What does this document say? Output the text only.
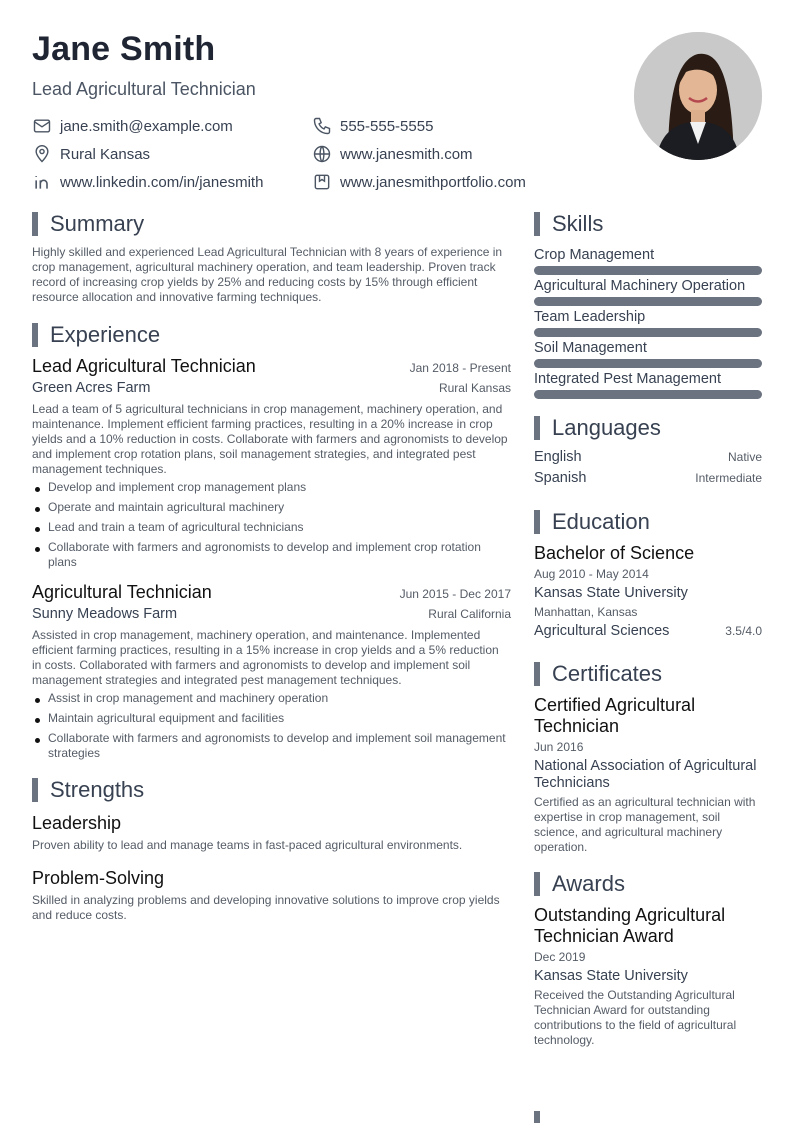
Jane Smith
Lead Agricultural Technician
jane.smith@example.com	555-555-5555
Rural Kansas	www.janesmith.com
www.linkedin.com/in/janesmith	www.janesmithportfolio.com
Summary
Highly skilled and experienced Lead Agricultural Technician with 8 years of experience in crop management, agricultural machinery operation, and team leadership. Proven track record of increasing crop yields by 25% and reducing costs by 15% through efficient resource allocation and innovative farming techniques.
Experience
Lead Agricultural Technician	Jan 2018 - Present
Green Acres Farm	Rural Kansas
Lead a team of 5 agricultural technicians in crop management, machinery operation, and maintenance. Implement efficient farming practices, resulting in a 20% increase in crop yields and a 10% reduction in costs. Collaborate with farmers and agronomists to develop and implement crop rotation plans, soil management strategies, and integrated pest management techniques.
Develop and implement crop management plans
Operate and maintain agricultural machinery
Lead and train a team of agricultural technicians
Collaborate with farmers and agronomists to develop and implement crop rotation plans
Agricultural Technician	Jun 2015 - Dec 2017
Sunny Meadows Farm	Rural California
Assisted in crop management, machinery operation, and maintenance. Implemented efficient farming practices, resulting in a 15% increase in crop yields and a 5% reduction in costs. Collaborated with farmers and agronomists to develop and implement soil management strategies and integrated pest management techniques.
Assist in crop management and machinery operation
Maintain agricultural equipment and facilities
Collaborate with farmers and agronomists to develop and implement soil management strategies
Strengths
Leadership
Proven ability to lead and manage teams in fast-paced agricultural environments.
Problem-Solving
Skilled in analyzing problems and developing innovative solutions to improve crop yields and reduce costs.
Skills
Crop Management
Agricultural Machinery Operation
Team Leadership
Soil Management
Integrated Pest Management
Languages
English	Native
Spanish	Intermediate
Education
Bachelor of Science
Aug 2010 - May 2014
Kansas State University
Manhattan, Kansas
Agricultural Sciences	3.5/4.0
Certificates
Certified Agricultural Technician
Jun 2016
National Association of Agricultural Technicians
Certified as an agricultural technician with expertise in crop management, soil science, and agricultural machinery operation.
Awards
Outstanding Agricultural Technician Award
Dec 2019
Kansas State University
Received the Outstanding Agricultural Technician Award for outstanding contributions to the field of agricultural technology.
